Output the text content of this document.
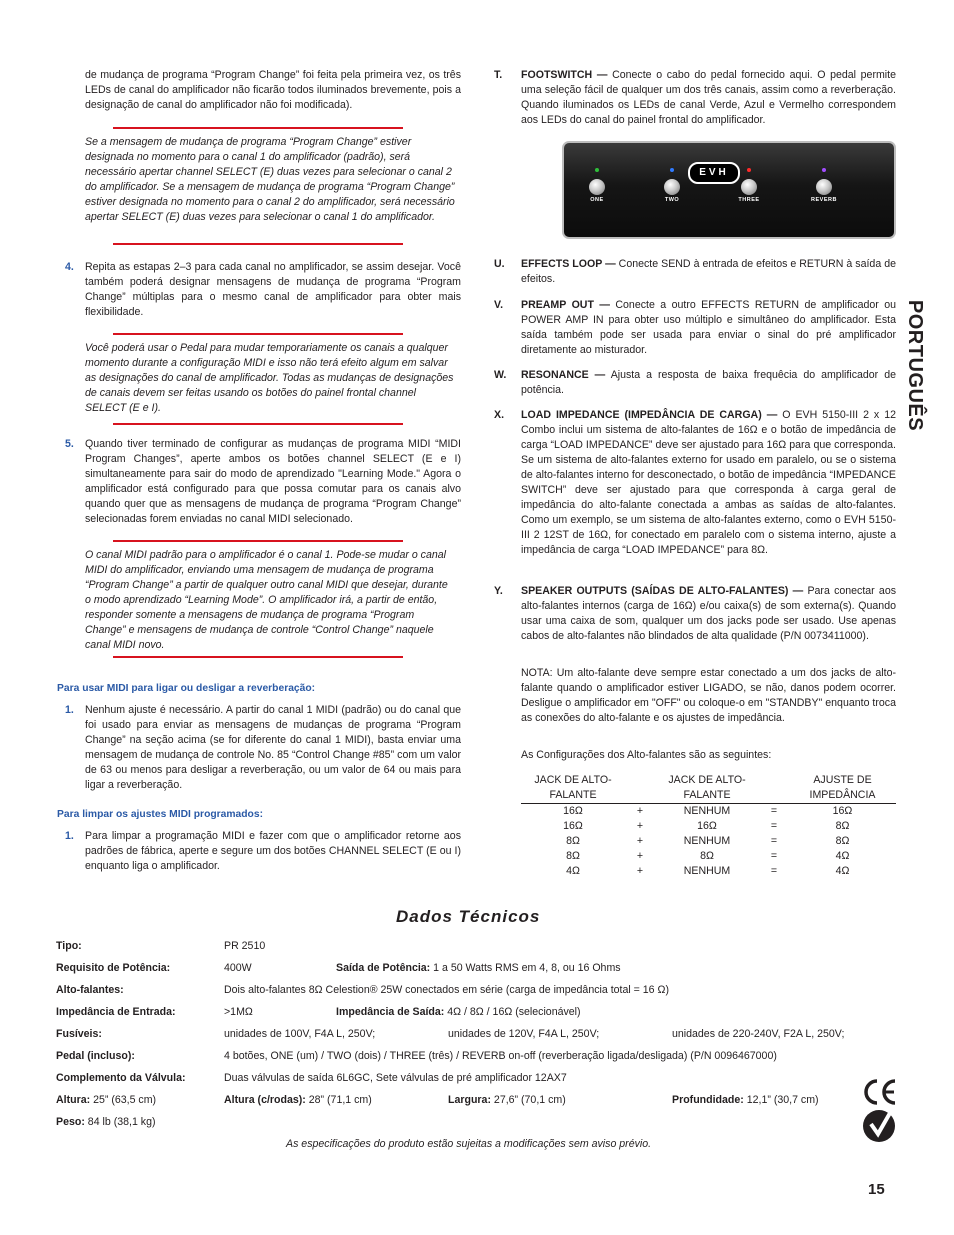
PORTUGUÊS
de mudança de programa “Program Change” foi feita pela primeira vez, os três LEDs de canal do amplificador não ficarão todos iluminados brevemente, pois a designação de canal do amplificador não foi modificada).
Se a mensagem de mudança de programa “Program Change” estiver designada no momento para o canal 1 do amplificador (padrão), será necessário apertar channel SELECT (E) duas vezes para selecionar o canal 2 do amplificador. Se a mensagem de mudança de programa “Program Change” estiver designada no momento para o canal 2 do amplificador, será necessário apertar SELECT (E) duas vezes para selecionar o canal 1 do amplificador.
4. Repita as estapas 2–3 para cada canal no amplificador, se assim desejar. Você também poderá designar mensagens de mudança de programa “Program Change” múltiplas para o mesmo canal de amplificador para obter mais flexibilidade.
Você poderá usar o Pedal para mudar temporariamente os canais a qualquer momento durante a configuração MIDI e isso não terá efeito algum em salvar as designações do canal de amplificador. Todas as mudanças de designações de canais devem ser feitas usando os botões do painel frontal channel SELECT (E e I).
5. Quando tiver terminado de configurar as mudanças de programa MIDI “MIDI Program Changes”, aperte ambos os botões channel SELECT (E e I) simultaneamente para sair do modo de aprendizado "Learning Mode." Agora o amplificador está configurado para que possa comutar para os canais alvo quando quer que as mensagens de mudança de programa “Program Change” selecionadas forem enviadas no canal MIDI selecionado.
O canal MIDI padrão para o amplificador é o canal 1. Pode-se mudar o canal MIDI do amplificador, enviando uma mensagem de mudança de programa “Program Change” a partir de qualquer outro canal MIDI que desejar, durante o modo aprendizado “Learning Mode”. O amplificador irá, a partir de então, responder somente a mensagens de mudança de programa “Program Change” e mensagens de mudança de controle “Control Change” naquele canal MIDI novo.
Para usar MIDI para ligar ou desligar a reverberação:
1. Nenhum ajuste é necessário. A partir do canal 1 MIDI (padrão) ou do canal que foi usado para enviar as mensagens de mudanças de programa “Program Change” na seção acima (se for diferente do canal 1 MIDI), basta enviar uma mensagem de mudança de controle No. 85 “Control Change #85” com um valor de 63 ou menos para desligar a reverberação, ou um valor de 64 ou mais para ligar a reverberação.
Para limpar os ajustes MIDI programados:
1. Para limpar a programação MIDI e fazer com que o amplificador retorne aos padrões de fábrica, aperte e segure um dos botões CHANNEL SELECT (E ou I) enquanto liga o amplificador.
T. FOOTSWITCH — Conecte o cabo do pedal fornecido aqui. O pedal permite uma seleção fácil de qualquer um dos três canais, assim como a reverberação. Quando iluminados os LEDs de canal Verde, Azul e Vermelho correspondem aos LEDs do canal do painel frontal do amplificador.
EVH
ONE	TWO	THREE	REVERB
U. EFFECTS LOOP — Conecte SEND à entrada de efeitos e RETURN à saída de efeitos.
V. PREAMP OUT — Conecte a outro EFFECTS RETURN de amplificador ou POWER AMP IN para obter uso múltiplo e simultâneo do amplificador. Esta saída também pode ser usada para enviar o sinal do pré amplificador diretamente ao misturador.
W. RESONANCE — Ajusta a resposta de baixa frequêcia do amplificador de potência.
X. LOAD IMPEDANCE (IMPEDÂNCIA DE CARGA) — O EVH 5150-III 2 x 12 Combo inclui um sistema de alto-falantes de 16Ω e o botão de impedância de carga “LOAD IMPEDANCE” deve ser ajustado para 16Ω para que corresponda. Se um sistema de alto-falantes externo for usado em paralelo, ou se o sistema de alto-falantes interno for desconectado, o botão de impedância “IMPEDANCE SWITCH” deve ser ajustado para que corresponda à carga geral de impedância do alto-falante conectada a ambas as saídas de alto-falantes. Como um exemplo, se um sistema de alto-falantes externo, como o EVH 5150-III 2 12ST de 16Ω, for conectado em paralelo com o sistema interno, ajuste a impedância de carga “LOAD IMPEDANCE” para 8Ω.
Y. SPEAKER OUTPUTS (SAÍDAS DE ALTO-FALANTES) — Para conectar aos alto-falantes internos (carga de 16Ω) e/ou caixa(s) de som externa(s). Quando usar uma caixa de som, qualquer um dos jacks pode ser usado. Use apenas cabos de alto-falantes não blindados de alta qualidade (P/N 0073411000).
NOTA: Um alto-falante deve sempre estar conectado a um dos jacks de alto-falante quando o amplificador estiver LIGADO, se não, danos podem ocorrer. Desligue o amplificador em "OFF" ou coloque-o em "STANDBY" enquanto troca as conexões do alto-falante e os ajustes de impedância.
As Configurações dos Alto-falantes são as seguintes:
JACK DE ALTO-FALANTE		JACK DE ALTO-FALANTE		AJUSTE DE IMPEDÂNCIA
16Ω	+	NENHUM	=	16Ω
16Ω	+	16Ω	=	8Ω
8Ω	+	NENHUM	=	8Ω
8Ω	+	8Ω	=	4Ω
4Ω	+	NENHUM	=	4Ω
Dados Técnicos
Tipo:	PR 2510
Requisito de Potência:	400W	Saída de Potência: 1 a 50 Watts RMS em 4, 8, ou 16 Ohms
Alto-falantes:	Dois alto-falantes 8Ω Celestion® 25W conectados em série (carga de impedância total = 16 Ω)
Impedância de Entrada:	>1MΩ	Impedância de Saída: 4Ω / 8Ω / 16Ω (selecionável)
Fusíveis:	unidades de 100V, F4A L, 250V;	unidades de 120V, F4A L, 250V;	unidades de 220-240V, F2A L, 250V;
Pedal (incluso):	4 botões, ONE (um) / TWO (dois) / THREE (três) / REVERB on-off (reverberação ligada/desligada) (P/N 0096467000)
Complemento da Válvula:	Duas válvulas de saída 6L6GC, Sete válvulas de pré amplificador 12AX7
Altura: 25” (63,5 cm)	Altura (c/rodas): 28” (71,1 cm)	Largura: 27,6” (70,1 cm)	Profundidade: 12,1” (30,7 cm)
Peso: 84 lb (38,1 kg)
As especificações do produto estão sujeitas a modificações sem aviso prévio.
15
